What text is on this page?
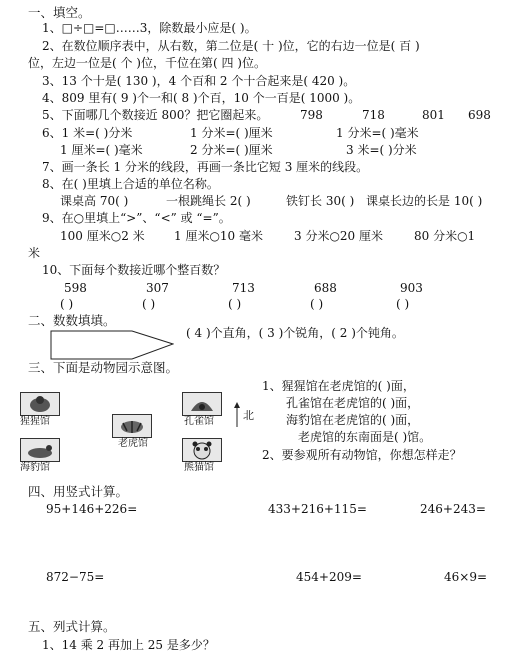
一、填空。
1、□÷□=□……3，除数最小应是( )。
2、在数位顺序表中，从右数，第二位是( 十 )位，它的右边一位是( 百 )
位，左边一位是( 个 )位，千位在第( 四 )位。
3、13 个十是( 130 )，4 个百和 2 个十合起来是( 420 )。
4、809 里有( 9 )个一和( 8 )个百，10 个一百是( 1000 )。
5、下面哪几个数接近 800？把它圈起来。	798	718	801 698
6、1 米=( )分米	1 分米=( )厘米	1 分米=( )毫米
1 厘米=( )毫米	2 分米=( )厘米	3 米=( )分米
7、画一条长 1 分米的线段，再画一条比它短 3 厘米的线段。
8、在( )里填上合适的单位名称。
课桌高 70( )	一根跳绳长 2( )	铁钉长 30( ) 课桌长边的长是 10( )
9、在○里填上“>”、“<” 或 “=”。
100 厘米○2 米 1 厘米○10 毫米	3 分米○20 厘米	80 分米○1
米
10、下面每个数接近哪个整百数？
598	307	713	688	903
( )	( )	( )	( )	( )
二、数数填填。
( 4 )个直角，( 3 )个锐角，( 2 )个钝角。
三、下面是动物园示意图。
猩猩馆
海豹馆
老虎馆
孔雀馆
熊猫馆
北
1、猩猩馆在老虎馆的( )面，
孔雀馆在老虎馆的( )面，
海豹馆在老虎馆的( )面，
老虎馆的东南面是( )馆。
2、要参观所有动物馆，你想怎样走？
四、用竖式计算。
95+146+226=	433+216+115=	246+243=
872−75=	454+209=	46×9=
五、列式计算。
1、14 乘 2 再加上 25 是多少？
